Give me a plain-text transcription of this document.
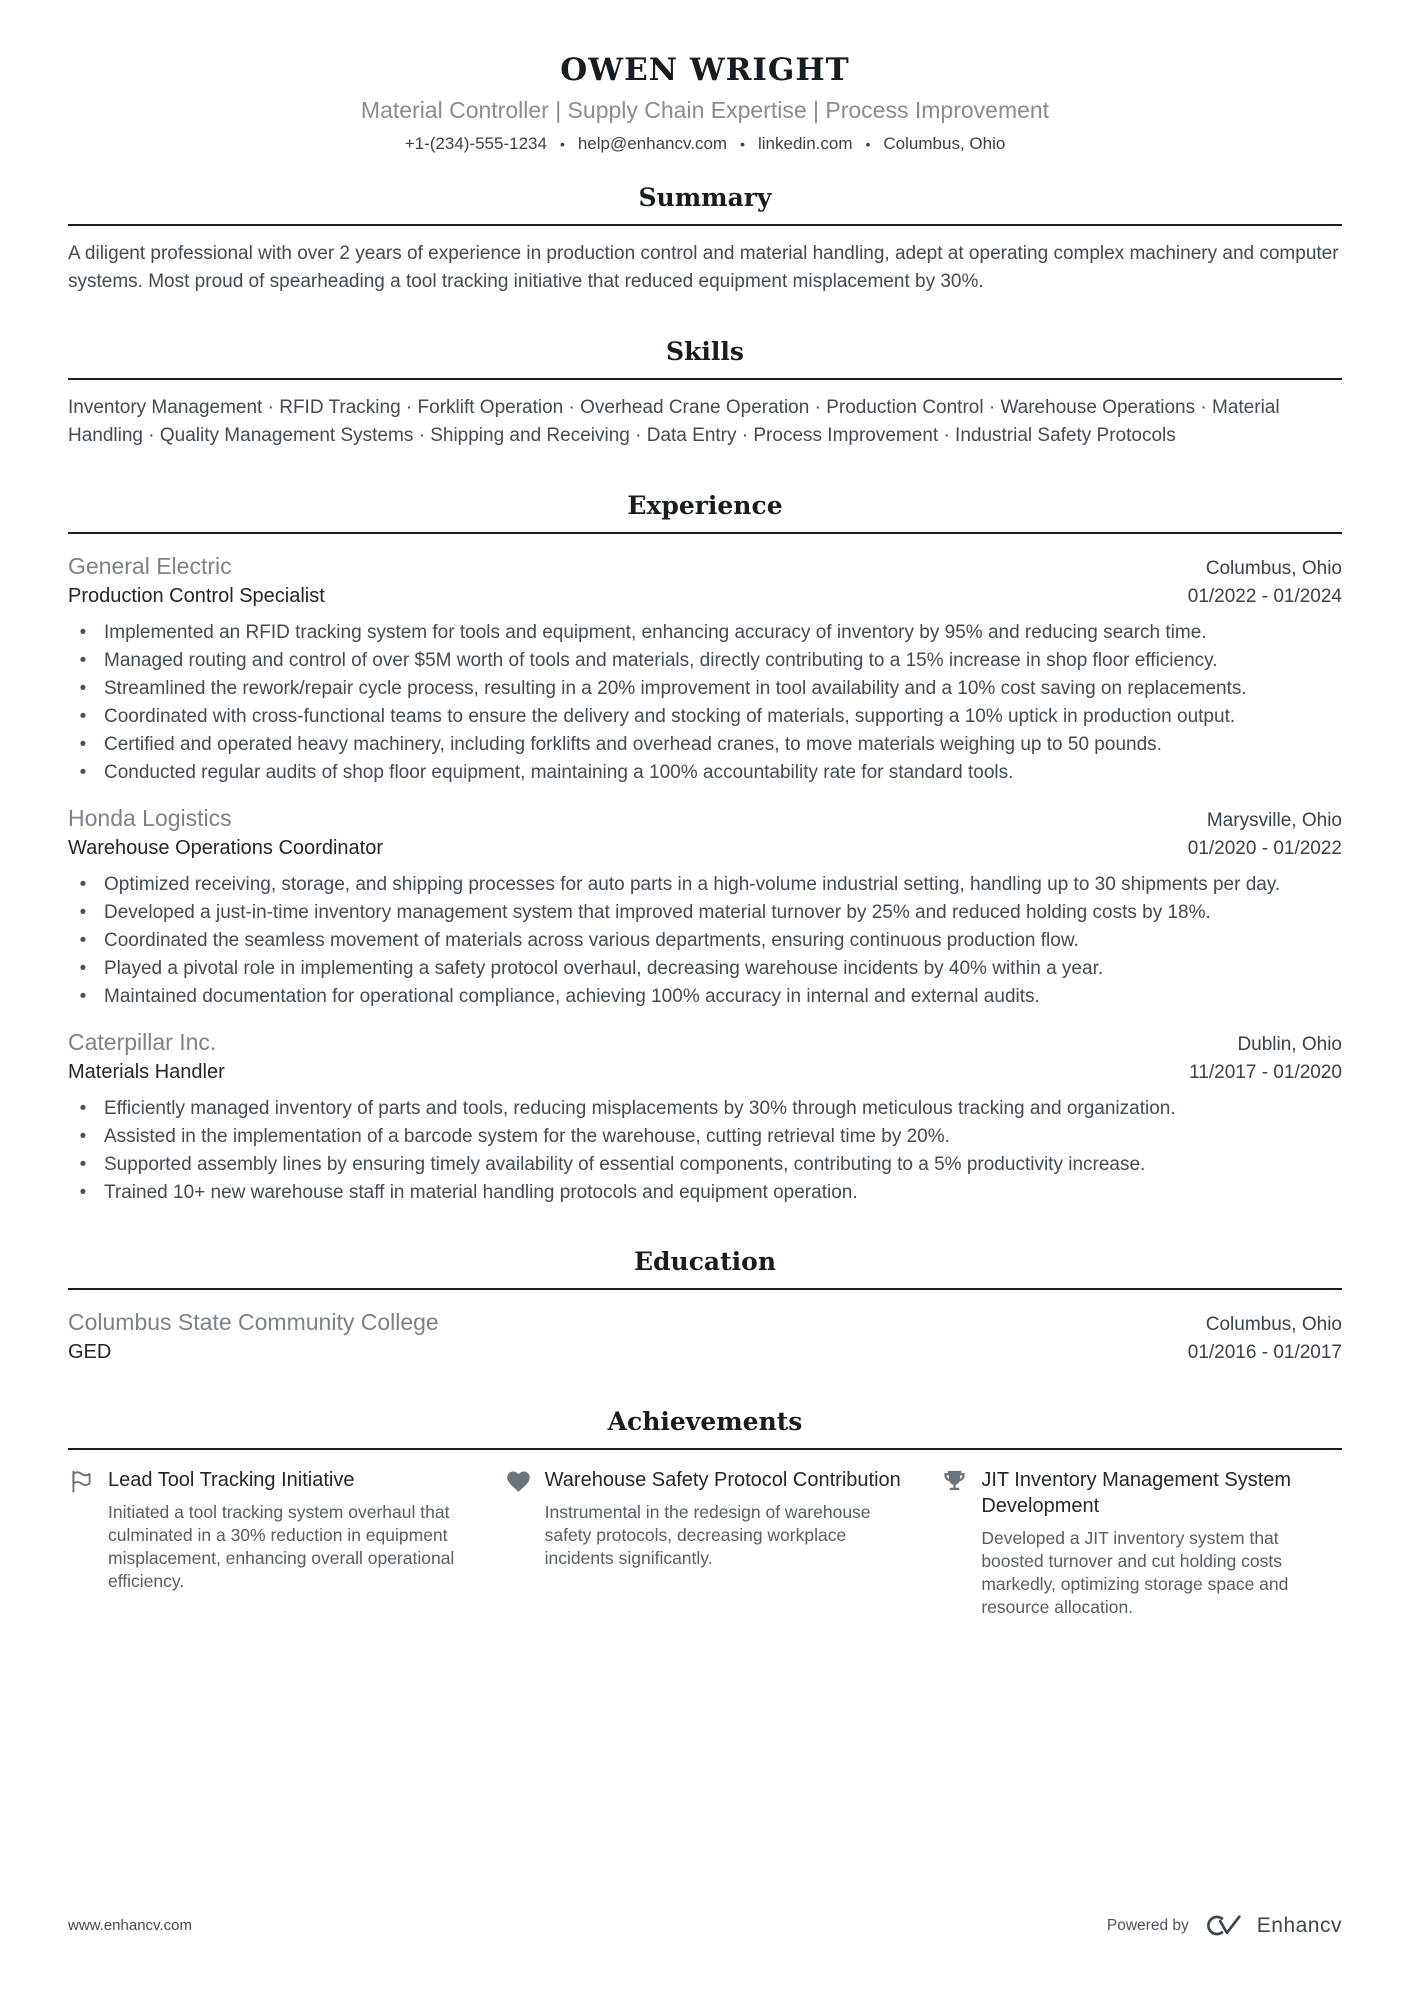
OWEN WRIGHT
Material Controller | Supply Chain Expertise | Process Improvement
+1-(234)-555-1234 • help@enhancv.com • linkedin.com • Columbus, Ohio
Summary

A diligent professional with over 2 years of experience in production control and material handling, adept at operating complex machinery and computer systems. Most proud of spearheading a tool tracking initiative that reduced equipment misplacement by 30%.

Skills

Inventory Management · RFID Tracking · Forklift Operation · Overhead Crane Operation · Production Control · Warehouse Operations · Material Handling · Quality Management Systems · Shipping and Receiving · Data Entry · Process Improvement · Industrial Safety Protocols

Experience
General Electric	Columbus, Ohio
Production Control Specialist	01/2022 - 01/2024
• Implemented an RFID tracking system for tools and equipment, enhancing accuracy of inventory by 95% and reducing search time.
• Managed routing and control of over $5M worth of tools and materials, directly contributing to a 15% increase in shop floor efficiency.
• Streamlined the rework/repair cycle process, resulting in a 20% improvement in tool availability and a 10% cost saving on replacements.
• Coordinated with cross-functional teams to ensure the delivery and stocking of materials, supporting a 10% uptick in production output.
• Certified and operated heavy machinery, including forklifts and overhead cranes, to move materials weighing up to 50 pounds.
• Conducted regular audits of shop floor equipment, maintaining a 100% accountability rate for standard tools.
Honda Logistics	Marysville, Ohio
Warehouse Operations Coordinator	01/2020 - 01/2022
• Optimized receiving, storage, and shipping processes for auto parts in a high-volume industrial setting, handling up to 30 shipments per day.
• Developed a just-in-time inventory management system that improved material turnover by 25% and reduced holding costs by 18%.
• Coordinated the seamless movement of materials across various departments, ensuring continuous production flow.
• Played a pivotal role in implementing a safety protocol overhaul, decreasing warehouse incidents by 40% within a year.
• Maintained documentation for operational compliance, achieving 100% accuracy in internal and external audits.
Caterpillar Inc.	Dublin, Ohio
Materials Handler	11/2017 - 01/2020
• Efficiently managed inventory of parts and tools, reducing misplacements by 30% through meticulous tracking and organization.
• Assisted in the implementation of a barcode system for the warehouse, cutting retrieval time by 20%.
• Supported assembly lines by ensuring timely availability of essential components, contributing to a 5% productivity increase.
• Trained 10+ new warehouse staff in material handling protocols and equipment operation.
Education
Columbus State Community College	Columbus, Ohio
GED	01/2016 - 01/2017
Achievements
Lead Tool Tracking Initiative

Initiated a tool tracking system overhaul that culminated in a 30% reduction in equipment misplacement, enhancing overall operational efficiency.

Warehouse Safety Protocol Contribution

Instrumental in the redesign of warehouse safety protocols, decreasing workplace incidents significantly.

JIT Inventory Management System Development

Developed a JIT inventory system that boosted turnover and cut holding costs markedly, optimizing storage space and resource allocation.

www.enhancv.com	Powered by	Enhancv
